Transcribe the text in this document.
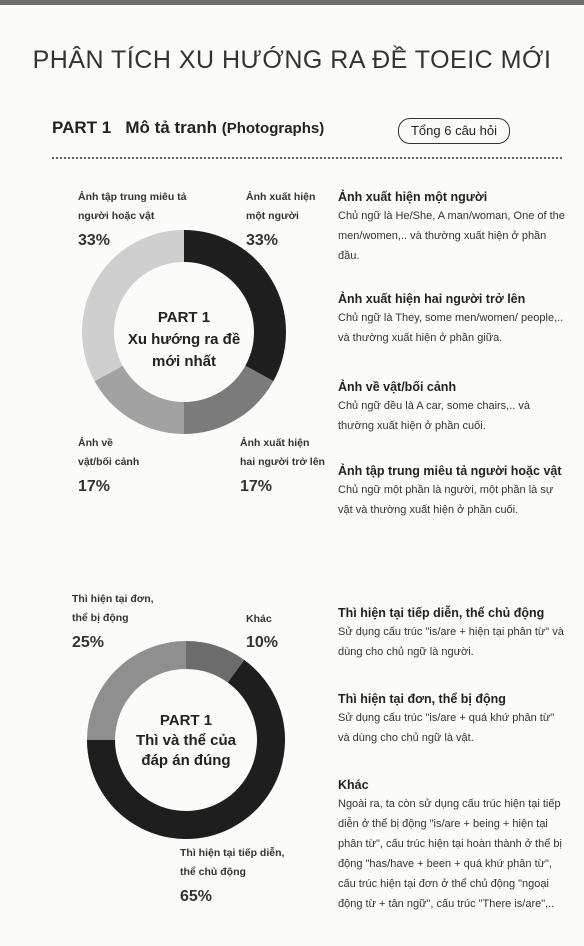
PHÂN TÍCH XU HƯỚNG RA ĐỀ TOEIC MỚI
PART 1 Mô tả tranh (Photographs)	Tổng 6 câu hỏi
PART 1
Xu hướng ra đề
mới nhất
Ảnh tập trung miêu tả
người hoặc vật
33%
Ảnh xuất hiện
một người
33%
Ảnh về
vật/bối cảnh
17%
Ảnh xuất hiện
hai người trở lên
17%
Ảnh xuất hiện một người
Chủ ngữ là He/She, A man/woman, One of the men/women,.. và thường xuất hiện ở phần đầu.
Ảnh xuất hiện hai người trở lên
Chủ ngữ là They, some men/women/ people,.. và thường xuất hiện ở phần giữa.
Ảnh về vật/bối cảnh
Chủ ngữ đều là A car, some chairs,.. và thường xuất hiện ở phần cuối.
Ảnh tập trung miêu tả người hoặc vật
Chủ ngữ một phần là người, một phần là sự vật và thường xuất hiện ở phần cuối.
PART 1
Thì và thể của
đáp án đúng
Thì hiện tại đơn,
thể bị động
25%
Khác
10%
Thì hiện tại tiếp diễn,
thể chủ động
65%
Thì hiện tại tiếp diễn, thể chủ động
Sử dụng cấu trúc "is/are + hiện tại phân từ" và dùng cho chủ ngữ là người.
Thì hiện tại đơn, thể bị động
Sử dụng cấu trúc "is/are + quá khứ phân từ" và dùng cho chủ ngữ là vật.
Khác
Ngoài ra, ta còn sử dụng cấu trúc hiện tại tiếp diễn ở thể bị động "is/are + being + hiện tại phân từ", cấu trúc hiện tại hoàn thành ở thể bị động "has/have + been + quá khứ phân từ", cấu trúc hiện tại đơn ở thể chủ động "ngoại động từ + tân ngữ", cấu trúc "There is/are",..
